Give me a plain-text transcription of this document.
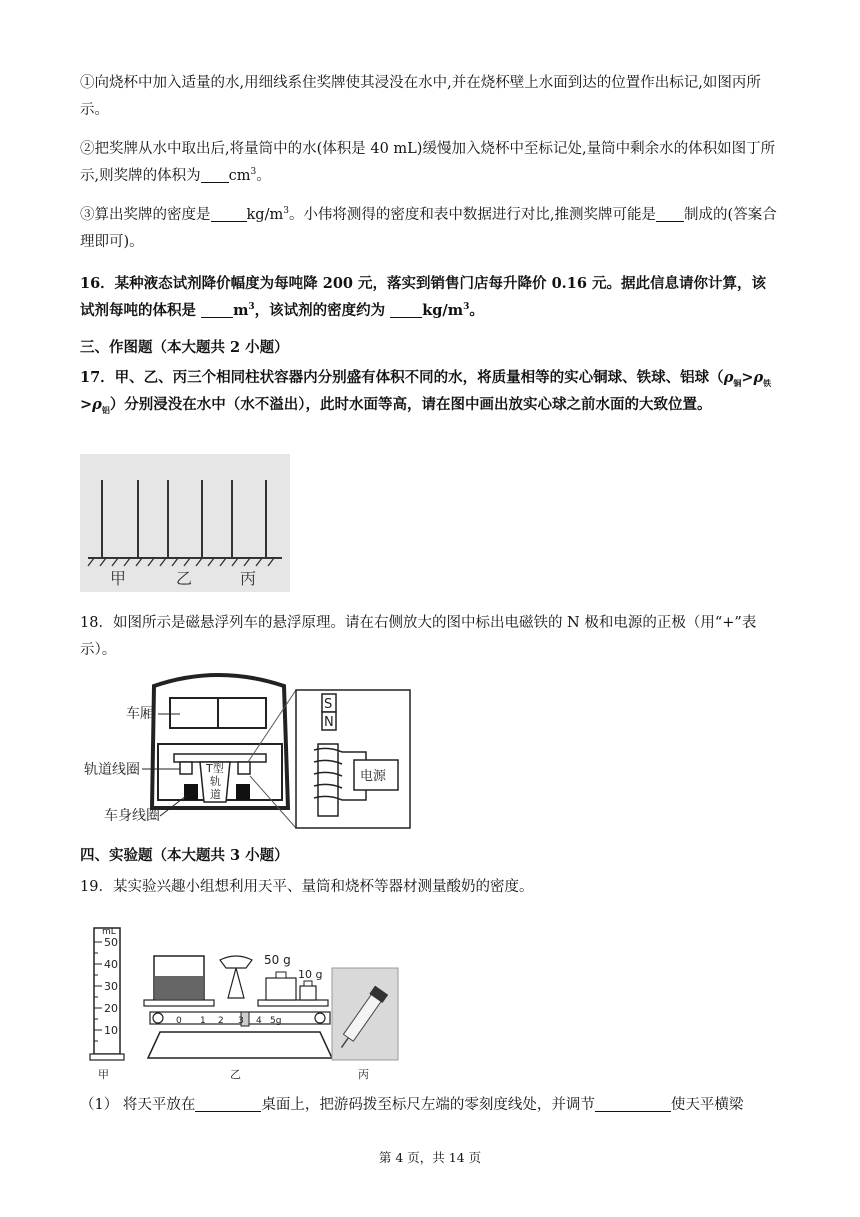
①向烧杯中加入适量的水,用细线系住奖牌使其浸没在水中,并在烧杯壁上水面到达的位置作出标记,如图丙所示。

②把奖牌从水中取出后,将量筒中的水(体积是 40 mL)缓慢加入烧杯中至标记处,量筒中剩余水的体积如图丁所示,则奖牌的体积为 $cm^3$。

③算出奖牌的密度是 $kg/m^3$。小伟将测得的密度和表中数据进行对比,推测奖牌可能是 制成的(答案合理即可)。

16．某种液态试剂降价幅度为每吨降 200 元，落实到销售门店每升降价 0.16 元。据此信息请你计算，该试剂每吨的体积是 $m^3$，该试剂的密度约为 $kg/m^3$。

三、作图题（本大题共 2 小题）

17．甲、乙、丙三个相同柱状容器内分别盛有体积不同的水，将质量相等的实心铜球、铁球、铝球$(\rho_铜>\rho_铁>\rho_铝)$分别浸没在水中（水不溢出），此时水面等高，请在图中画出放实心球之前水面的大致位置。

甲	乙	丙

18．如图所示是磁悬浮列车的悬浮原理。请在右侧放大的图中标出电磁铁的 N 极和电源的正极（用“+”表示）。

T型
轨
道
车厢
轨道线圈
车身线圈
S
N
电源

四、实验题（本大题共 3 小题）

19．某实验兴趣小组想利用天平、量筒和烧杯等器材测量酸奶的密度。

mL
50
40
30
20
10
甲
50 g
10 g
0 1 2 3 4 5g
乙	丙

（1） 将天平放在	桌面上，把游码拨至标尺左端的零刻度线处，并调节	使天平横梁

第 4 页，共 14 页
